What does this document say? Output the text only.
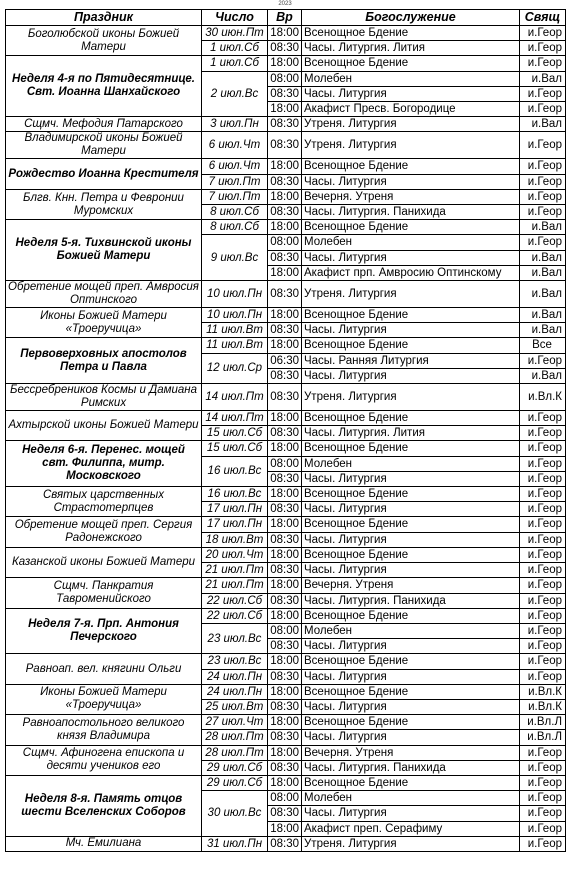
2023
Праздник	Число	Вр	Богослужение	Свящ
Боголюбской иконы Божией Матери	30 июн.Пт	18:00	Всенощное Бдение	и.Геор
	1 июл.Сб	08:30	Часы. Литургия. Лития	и.Геор
Неделя 4-я по Пятидесятнице. Свт. Иоанна Шанхайского	1 июл.Сб	18:00	Всенощное Бдение	и.Геор
	2 июл.Вс	08:00	Молебен	и.Вал
		08:30	Часы. Литургия	и.Геор
		18:00	Акафист Пресв. Богородице	и.Геор
Сщмч. Мефодия Патарского	3 июл.Пн	08:30	Утреня. Литургия	и.Вал
Владимирской иконы Божией Матери	6 июл.Чт	08:30	Утреня. Литургия	и.Геор
Рождество Иоанна Крестителя	6 июл.Чт	18:00	Всенощное Бдение	и.Геор
	7 июл.Пт	08:30	Часы. Литургия	и.Геор
Блгв. Кнн. Петра и Февронии Муромских	7 июл.Пт	18:00	Вечерня. Утреня	и.Геор
	8 июл.Сб	08:30	Часы. Литургия. Панихида	и.Геор
Неделя 5-я. Тихвинской иконы Божией Матери	8 июл.Сб	18:00	Всенощное Бдение	и.Вал
	9 июл.Вс	08:00	Молебен	и.Геор
		08:30	Часы. Литургия	и.Вал
		18:00	Акафист прп. Амвросию Оптинскому	и.Вал
Обретение мощей преп. Амвросия Оптинского	10 июл.Пн	08:30	Утреня. Литургия	и.Вал
Иконы Божией Матери «Троеручица»	10 июл.Пн	18:00	Всенощное Бдение	и.Вал
	11 июл.Вт	08:30	Часы. Литургия	и.Вал
Первоверховных апостолов Петра и Павла	11 июл.Вт	18:00	Всенощное Бдение	Все
	12 июл.Ср	06:30	Часы. Ранняя Литургия	и.Геор
		08:30	Часы. Литургия	и.Вал
Бессребреников Космы и Дамиана Римских	14 июл.Пт	08:30	Утреня. Литургия	и.Вл.К
Ахтырской иконы Божией Матери	14 июл.Пт	18:00	Всенощное Бдение	и.Геор
	15 июл.Сб	08:30	Часы. Литургия. Лития	и.Геор
Неделя 6-я. Перенес. мощей свт. Филиппа, митр. Московского	15 июл.Сб	18:00	Всенощное Бдение	и.Геор
	16 июл.Вс	08:00	Молебен	и.Геор
		08:30	Часы. Литургия	и.Геор
Святых царственных Страстотерпцев	16 июл.Вс	18:00	Всенощное Бдение	и.Геор
	17 июл.Пн	08:30	Часы. Литургия	и.Геор
Обретение мощей преп. Сергия Радонежского	17 июл.Пн	18:00	Всенощное Бдение	и.Геор
	18 июл.Вт	08:30	Часы. Литургия	и.Геор
Казанской иконы Божией Матери	20 июл.Чт	18:00	Всенощное Бдение	и.Геор
	21 июл.Пт	08:30	Часы. Литургия	и.Геор
Сщмч. Панкратия Тавроменийского	21 июл.Пт	18:00	Вечерня. Утреня	и.Геор
	22 июл.Сб	08:30	Часы. Литургия. Панихида	и.Геор
Неделя 7-я. Прп. Антония Печерского	22 июл.Сб	18:00	Всенощное Бдение	и.Геор
	23 июл.Вс	08:00	Молебен	и.Геор
		08:30	Часы. Литургия	и.Геор
Равноап. вел. княгини Ольги	23 июл.Вс	18:00	Всенощное Бдение	и.Геор
	24 июл.Пн	08:30	Часы. Литургия	и.Геор
Иконы Божией Матери «Троеручица»	24 июл.Пн	18:00	Всенощное Бдение	и.Вл.К
	25 июл.Вт	08:30	Часы. Литургия	и.Вл.К
Равноапостольного великого князя Владимира	27 июл.Чт	18:00	Всенощное Бдение	и.Вл.Л
	28 июл.Пт	08:30	Часы. Литургия	и.Вл.Л
Сщмч. Афиногена епископа и десяти учеников его	28 июл.Пт	18:00	Вечерня. Утреня	и.Геор
	29 июл.Сб	08:30	Часы. Литургия. Панихида	и.Геор
Неделя 8-я. Память отцов шести Вселенских Соборов	29 июл.Сб	18:00	Всенощное Бдение	и.Геор
	30 июл.Вс	08:00	Молебен	и.Геор
		08:30	Часы. Литургия	и.Геор
		18:00	Акафист преп. Серафиму	и.Геор
Мч. Емилиана	31 июл.Пн	08:30	Утреня. Литургия	и.Геор
